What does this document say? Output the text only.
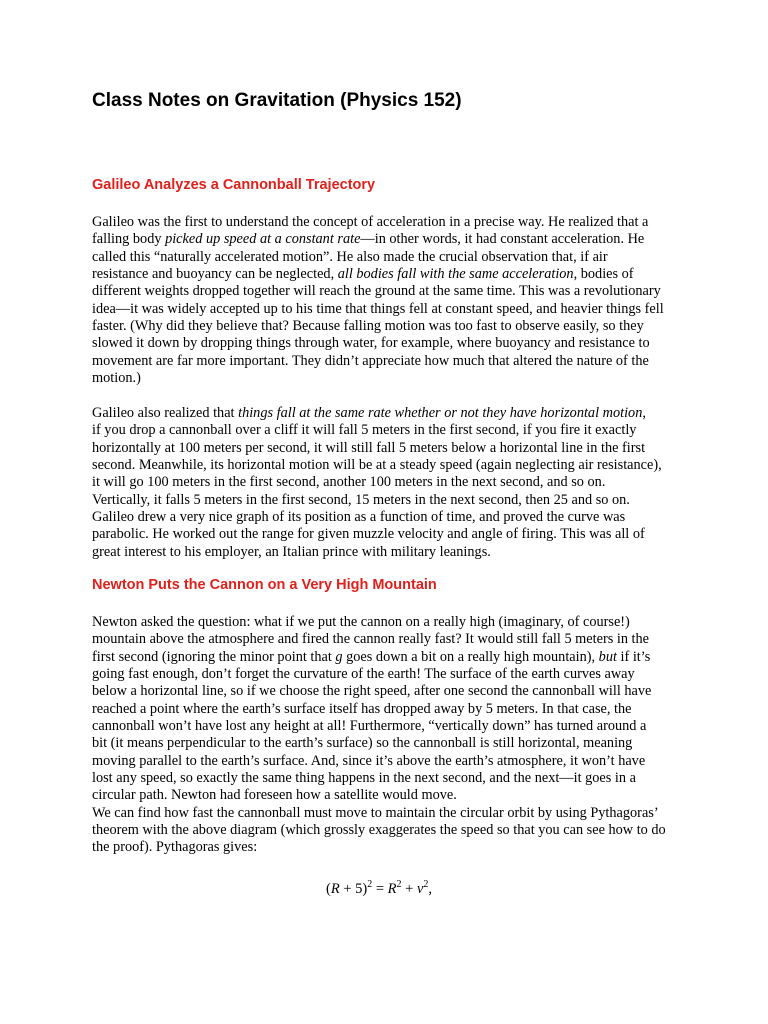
Class Notes on Gravitation (Physics 152)
Galileo Analyzes a Cannonball Trajectory
Galileo was the first to understand the concept of acceleration in a precise way. He realized that a
falling body picked up speed at a constant rate—in other words, it had constant acceleration. He
called this “naturally accelerated motion”. He also made the crucial observation that, if air
resistance and buoyancy can be neglected, all bodies fall with the same acceleration, bodies of
different weights dropped together will reach the ground at the same time. This was a revolutionary
idea—it was widely accepted up to his time that things fell at constant speed, and heavier things fell
faster. (Why did they believe that? Because falling motion was too fast to observe easily, so they
slowed it down by dropping things through water, for example, where buoyancy and resistance to
movement are far more important. They didn’t appreciate how much that altered the nature of the
motion.)
Galileo also realized that things fall at the same rate whether or not they have horizontal motion,
if you drop a cannonball over a cliff it will fall 5 meters in the first second, if you fire it exactly
horizontally at 100 meters per second, it will still fall 5 meters below a horizontal line in the first
second. Meanwhile, its horizontal motion will be at a steady speed (again neglecting air resistance),
it will go 100 meters in the first second, another 100 meters in the next second, and so on.
Vertically, it falls 5 meters in the first second, 15 meters in the next second, then 25 and so on.
Galileo drew a very nice graph of its position as a function of time, and proved the curve was
parabolic. He worked out the range for given muzzle velocity and angle of firing. This was all of
great interest to his employer, an Italian prince with military leanings.
Newton Puts the Cannon on a Very High Mountain
Newton asked the question: what if we put the cannon on a really high (imaginary, of course!)
mountain above the atmosphere and fired the cannon really fast? It would still fall 5 meters in the
first second (ignoring the minor point that g goes down a bit on a really high mountain), but if it’s
going fast enough, don’t forget the curvature of the earth! The surface of the earth curves away
below a horizontal line, so if we choose the right speed, after one second the cannonball will have
reached a point where the earth’s surface itself has dropped away by 5 meters. In that case, the
cannonball won’t have lost any height at all! Furthermore, “vertically down” has turned around a
bit (it means perpendicular to the earth’s surface) so the cannonball is still horizontal, meaning
moving parallel to the earth’s surface. And, since it’s above the earth’s atmosphere, it won’t have
lost any speed, so exactly the same thing happens in the next second, and the next—it goes in a
circular path. Newton had foreseen how a satellite would move.
We can find how fast the cannonball must move to maintain the circular orbit by using Pythagoras’
theorem with the above diagram (which grossly exaggerates the speed so that you can see how to do
the proof). Pythagoras gives:
$(R + 5)^2 = R^2 + v^2$,
